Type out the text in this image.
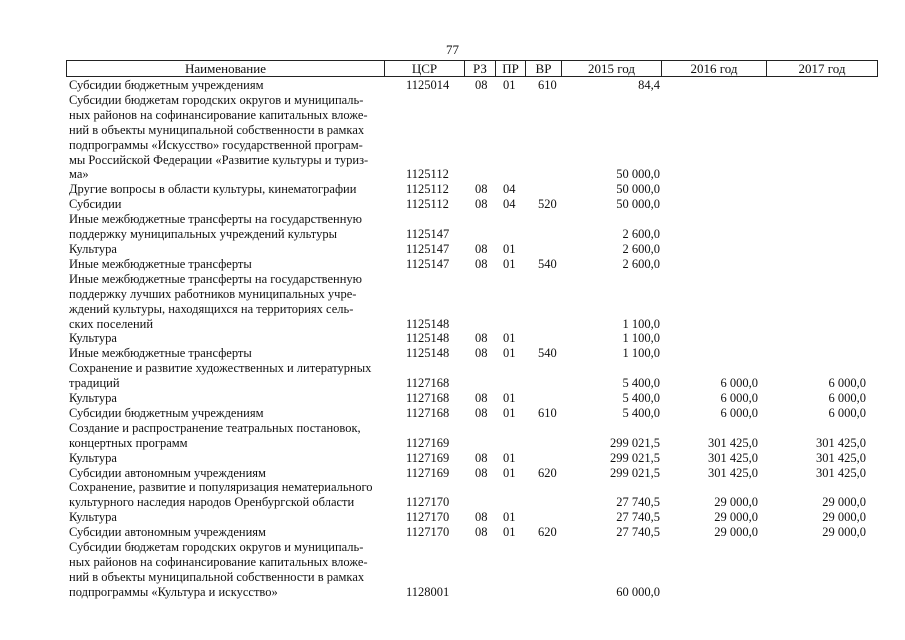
77
Наименование	ЦСР	РЗ	ПР	ВР	2015 год	2016 год	2017 год
Субсидии бюджетным учреждениям	1125014 08 01 610	84,4
Субсидии бюджетам городских округов и муниципаль-
ных районов на софинансирование капитальных вложе-
ний в объекты муниципальной собственности в рамках
подпрограммы «Искусство» государственной програм-
мы Российской Федерации «Развитие культуры и туриз-
ма»	1125112	50 000,0
Другие вопросы в области культуры, кинематографии	1125112 08 04	50 000,0
Субсидии	1125112 08 04 520	50 000,0
Иные межбюджетные трансферты на государственную
поддержку муниципальных учреждений культуры	1125147	2 600,0
Культура	1125147 08 01	2 600,0
Иные межбюджетные трансферты	1125147 08 01 540	2 600,0
Иные межбюджетные трансферты на государственную
поддержку лучших работников муниципальных учре-
ждений культуры, находящихся на территориях сель-
ских поселений	1125148	1 100,0
Культура	1125148 08 01	1 100,0
Иные межбюджетные трансферты	1125148 08 01 540	1 100,0
Сохранение и развитие художественных и литературных
традиций	1127168	5 400,0	6 000,0	6 000,0
Культура	1127168 08 01	5 400,0	6 000,0	6 000,0
Субсидии бюджетным учреждениям	1127168 08 01 610	5 400,0	6 000,0	6 000,0
Создание и распространение театральных постановок,
концертных программ	1127169	299 021,5	301 425,0	301 425,0
Культура	1127169 08 01	299 021,5	301 425,0	301 425,0
Субсидии автономным учреждениям	1127169 08 01 620	299 021,5	301 425,0	301 425,0
Сохранение, развитие и популяризация нематериального
культурного наследия народов Оренбургской области	1127170	27 740,5	29 000,0	29 000,0
Культура	1127170 08 01	27 740,5	29 000,0	29 000,0
Субсидии автономным учреждениям	1127170 08 01 620	27 740,5	29 000,0	29 000,0
Субсидии бюджетам городских округов и муниципаль-
ных районов на софинансирование капитальных вложе-
ний в объекты муниципальной собственности в рамках
подпрограммы «Культура и искусство»	1128001	60 000,0
